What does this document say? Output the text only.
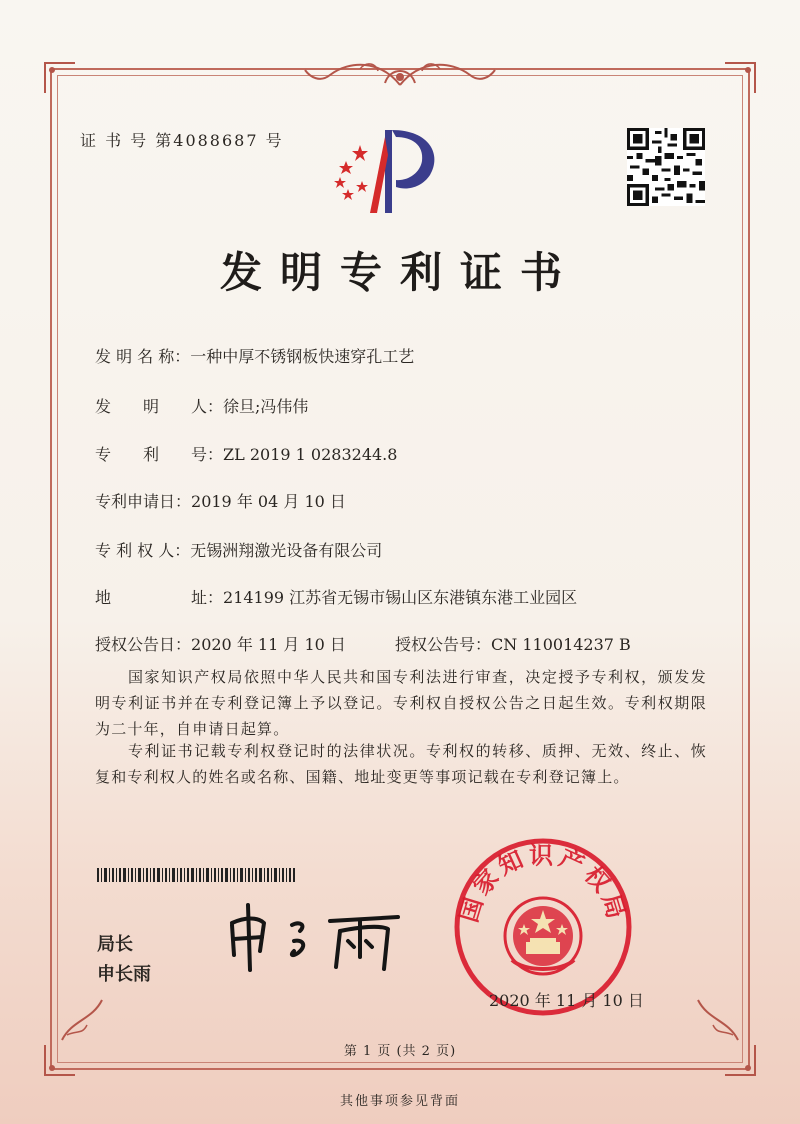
证 书 号 第4088687 号
发明专利证书
发 明 名 称：一种中厚不锈钢板快速穿孔工艺
发　　明　　人：徐旦;冯伟伟
专　　利　　号：ZL 2019 1 0283244.8
专利申请日：2019 年 04 月 10 日
专 利 权 人：无锡洲翔激光设备有限公司
地　　　　　址：214199 江苏省无锡市锡山区东港镇东港工业园区
授权公告日：2020 年 11 月 10 日	授权公告号：CN 110014237 B
国家知识产权局依照中华人民共和国专利法进行审查，决定授予专利权，颁发发明专利证书并在专利登记簿上予以登记。专利权自授权公告之日起生效。专利权期限为二十年，自申请日起算。
专利证书记载专利权登记时的法律状况。专利权的转移、质押、无效、终止、恢复和专利权人的姓名或名称、国籍、地址变更等事项记载在专利登记簿上。
局长
申长雨
国家知识产权局
2020 年 11 月 10 日
第 1 页 (共 2 页)
其他事项参见背面
